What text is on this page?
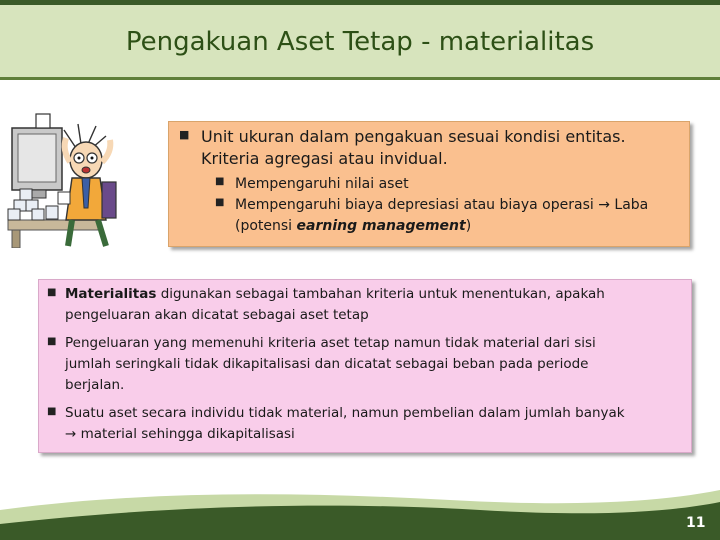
Pengakuan Aset Tetap - materialitas
■ Unit ukuran dalam pengakuan sesuai kondisi entitas.
Kriteria agregasi atau invidual.
■ Mempengaruhi nilai aset
■ Mempengaruhi biaya depresiasi atau biaya operasi → Laba
(potensi earning management)
■ Materialitas digunakan sebagai tambahan kriteria untuk menentukan, apakah
pengeluaran akan dicatat sebagai aset tetap
■ Pengeluaran yang memenuhi kriteria aset tetap namun tidak material dari sisi
jumlah seringkali tidak dikapitalisasi dan dicatat sebagai beban pada periode
berjalan.
■ Suatu aset secara individu tidak material, namun pembelian dalam jumlah banyak
→ material sehingga dikapitalisasi
11
